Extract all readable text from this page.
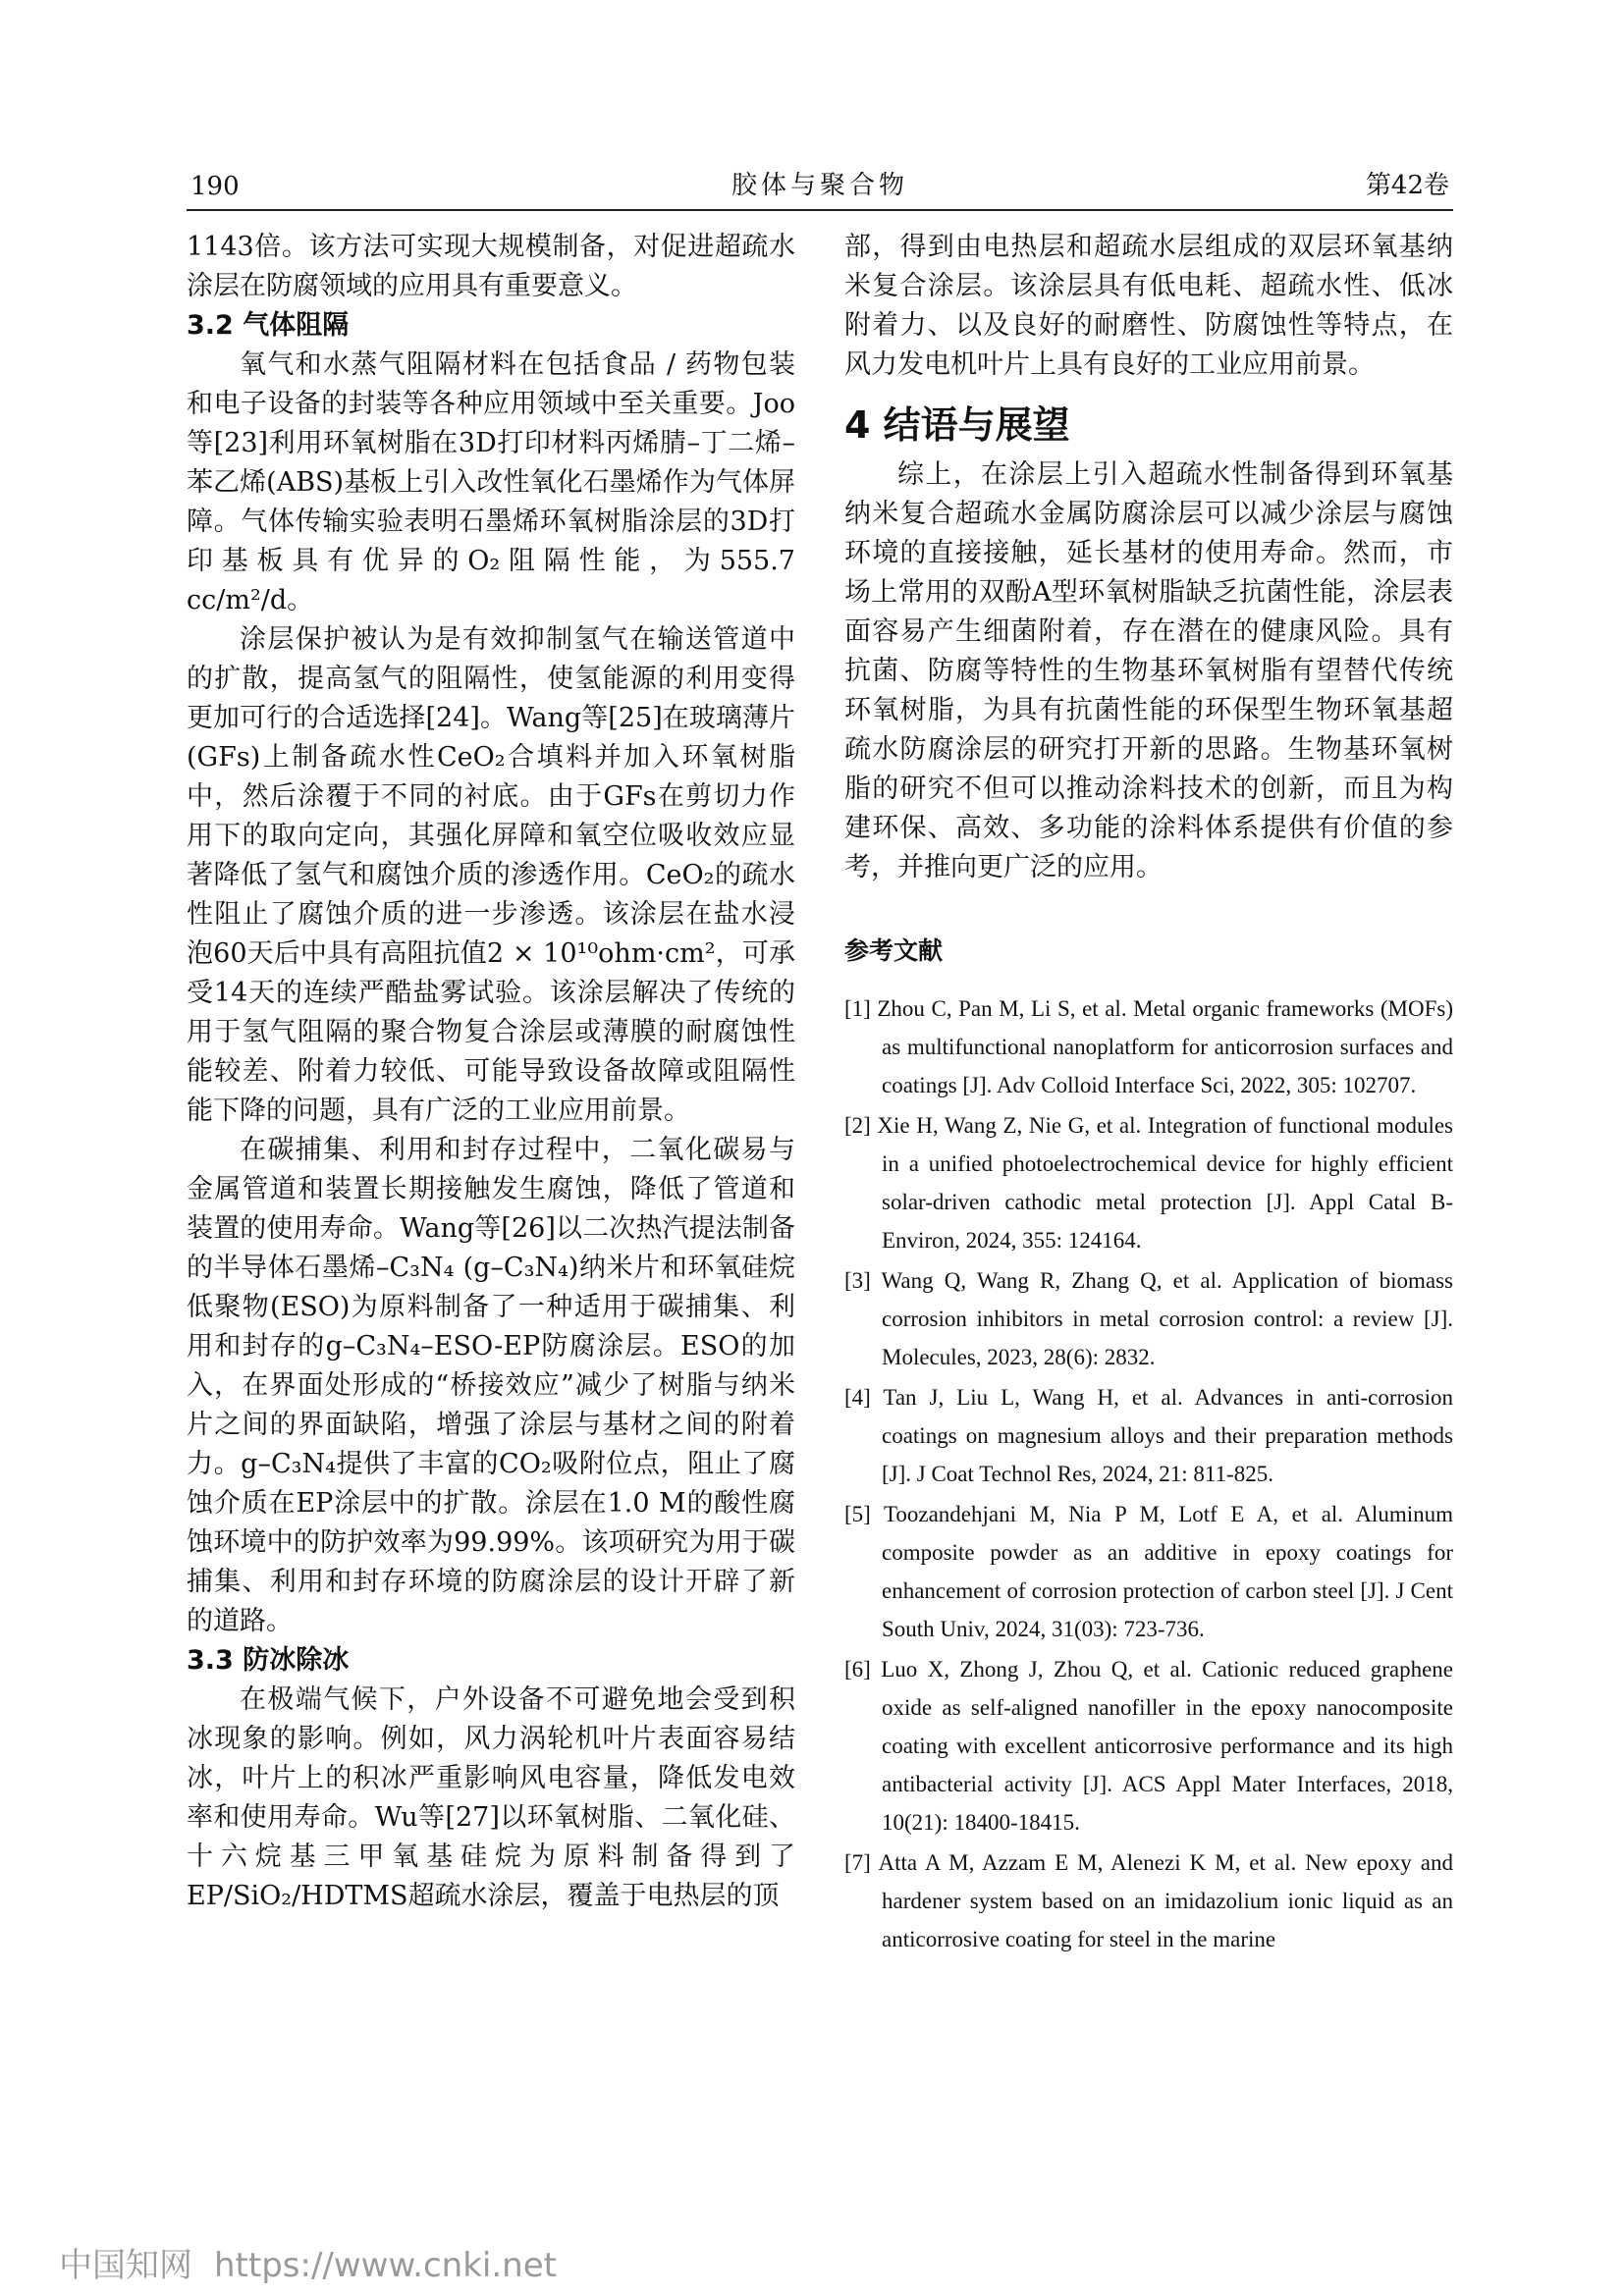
190	胶体与聚合物	第42卷

1143倍。该方法可实现大规模制备，对促进超疏水涂层在防腐领域的应用具有重要意义。

3.2 气体阻隔

氧气和水蒸气阻隔材料在包括食品 / 药物包装和电子设备的封装等各种应用领域中至关重要。Joo等[23]利用环氧树脂在3D打印材料丙烯腈–丁二烯–苯乙烯(ABS)基板上引入改性氧化石墨烯作为气体屏障。气体传输实验表明石墨烯环氧树脂涂层的3D打印基板具有优异的O₂阻隔性能，为555.7 cc/m²/d。

涂层保护被认为是有效抑制氢气在输送管道中的扩散，提高氢气的阻隔性，使氢能源的利用变得更加可行的合适选择[24]。Wang等[25]在玻璃薄片(GFs)上制备疏水性CeO₂合填料并加入环氧树脂中，然后涂覆于不同的衬底。由于GFs在剪切力作用下的取向定向，其强化屏障和氧空位吸收效应显著降低了氢气和腐蚀介质的渗透作用。CeO₂的疏水性阻止了腐蚀介质的进一步渗透。该涂层在盐水浸泡60天后中具有高阻抗值2 × 10¹⁰ohm·cm²，可承受14天的连续严酷盐雾试验。该涂层解决了传统的用于氢气阻隔的聚合物复合涂层或薄膜的耐腐蚀性能较差、附着力较低、可能导致设备故障或阻隔性能下降的问题，具有广泛的工业应用前景。

在碳捕集、利用和封存过程中，二氧化碳易与金属管道和装置长期接触发生腐蚀，降低了管道和装置的使用寿命。Wang等[26]以二次热汽提法制备的半导体石墨烯–C₃N₄ (g–C₃N₄)纳米片和环氧硅烷低聚物(ESO)为原料制备了一种适用于碳捕集、利用和封存的g–C₃N₄–ESO-EP防腐涂层。ESO的加入，在界面处形成的“桥接效应”减少了树脂与纳米片之间的界面缺陷，增强了涂层与基材之间的附着力。g–C₃N₄提供了丰富的CO₂吸附位点，阻止了腐蚀介质在EP涂层中的扩散。涂层在1.0 M的酸性腐蚀环境中的防护效率为99.99%。该项研究为用于碳捕集、利用和封存环境的防腐涂层的设计开辟了新的道路。

3.3 防冰除冰

在极端气候下，户外设备不可避免地会受到积冰现象的影响。例如，风力涡轮机叶片表面容易结冰，叶片上的积冰严重影响风电容量，降低发电效率和使用寿命。Wu等[27]以环氧树脂、二氧化硅、十六烷基三甲氧基硅烷为原料制备得到了EP/SiO₂/HDTMS超疏水涂层，覆盖于电热层的顶

部，得到由电热层和超疏水层组成的双层环氧基纳米复合涂层。该涂层具有低电耗、超疏水性、低冰附着力、以及良好的耐磨性、防腐蚀性等特点，在风力发电机叶片上具有良好的工业应用前景。

4 结语与展望

综上，在涂层上引入超疏水性制备得到环氧基纳米复合超疏水金属防腐涂层可以减少涂层与腐蚀环境的直接接触，延长基材的使用寿命。然而，市场上常用的双酚A型环氧树脂缺乏抗菌性能，涂层表面容易产生细菌附着，存在潜在的健康风险。具有抗菌、防腐等特性的生物基环氧树脂有望替代传统环氧树脂，为具有抗菌性能的环保型生物环氧基超疏水防腐涂层的研究打开新的思路。生物基环氧树脂的研究不但可以推动涂料技术的创新，而且为构建环保、高效、多功能的涂料体系提供有价值的参考，并推向更广泛的应用。

参考文献
[1] Zhou C, Pan M, Li S, et al. Metal organic frameworks (MOFs) as multifunctional nanoplatform for anticorrosion surfaces and coatings [J]. Adv Colloid Interface Sci, 2022, 305: 102707.
[2] Xie H, Wang Z, Nie G, et al. Integration of functional modules in a unified photoelectrochemical device for highly efficient solar-driven cathodic metal protection [J]. Appl Catal B-Environ, 2024, 355: 124164.
[3] Wang Q, Wang R, Zhang Q, et al. Application of biomass corrosion inhibitors in metal corrosion control: a review [J]. Molecules, 2023, 28(6): 2832.
[4] Tan J, Liu L, Wang H, et al. Advances in anti-corrosion coatings on magnesium alloys and their preparation methods [J]. J Coat Technol Res, 2024, 21: 811-825.
[5] Toozandehjani M, Nia P M, Lotf E A, et al. Aluminum composite powder as an additive in epoxy coatings for enhancement of corrosion protection of carbon steel [J]. J Cent South Univ, 2024, 31(03): 723-736.
[6] Luo X, Zhong J, Zhou Q, et al. Cationic reduced graphene oxide as self-aligned nanofiller in the epoxy nanocomposite coating with excellent anticorrosive performance and its high antibacterial activity [J]. ACS Appl Mater Interfaces, 2018, 10(21): 18400-18415.
[7] Atta A M, Azzam E M, Alenezi K M, et al. New epoxy and hardener system based on an imidazolium ionic liquid as an anticorrosive coating for steel in the marine
中国知网 https://www.cnki.net
